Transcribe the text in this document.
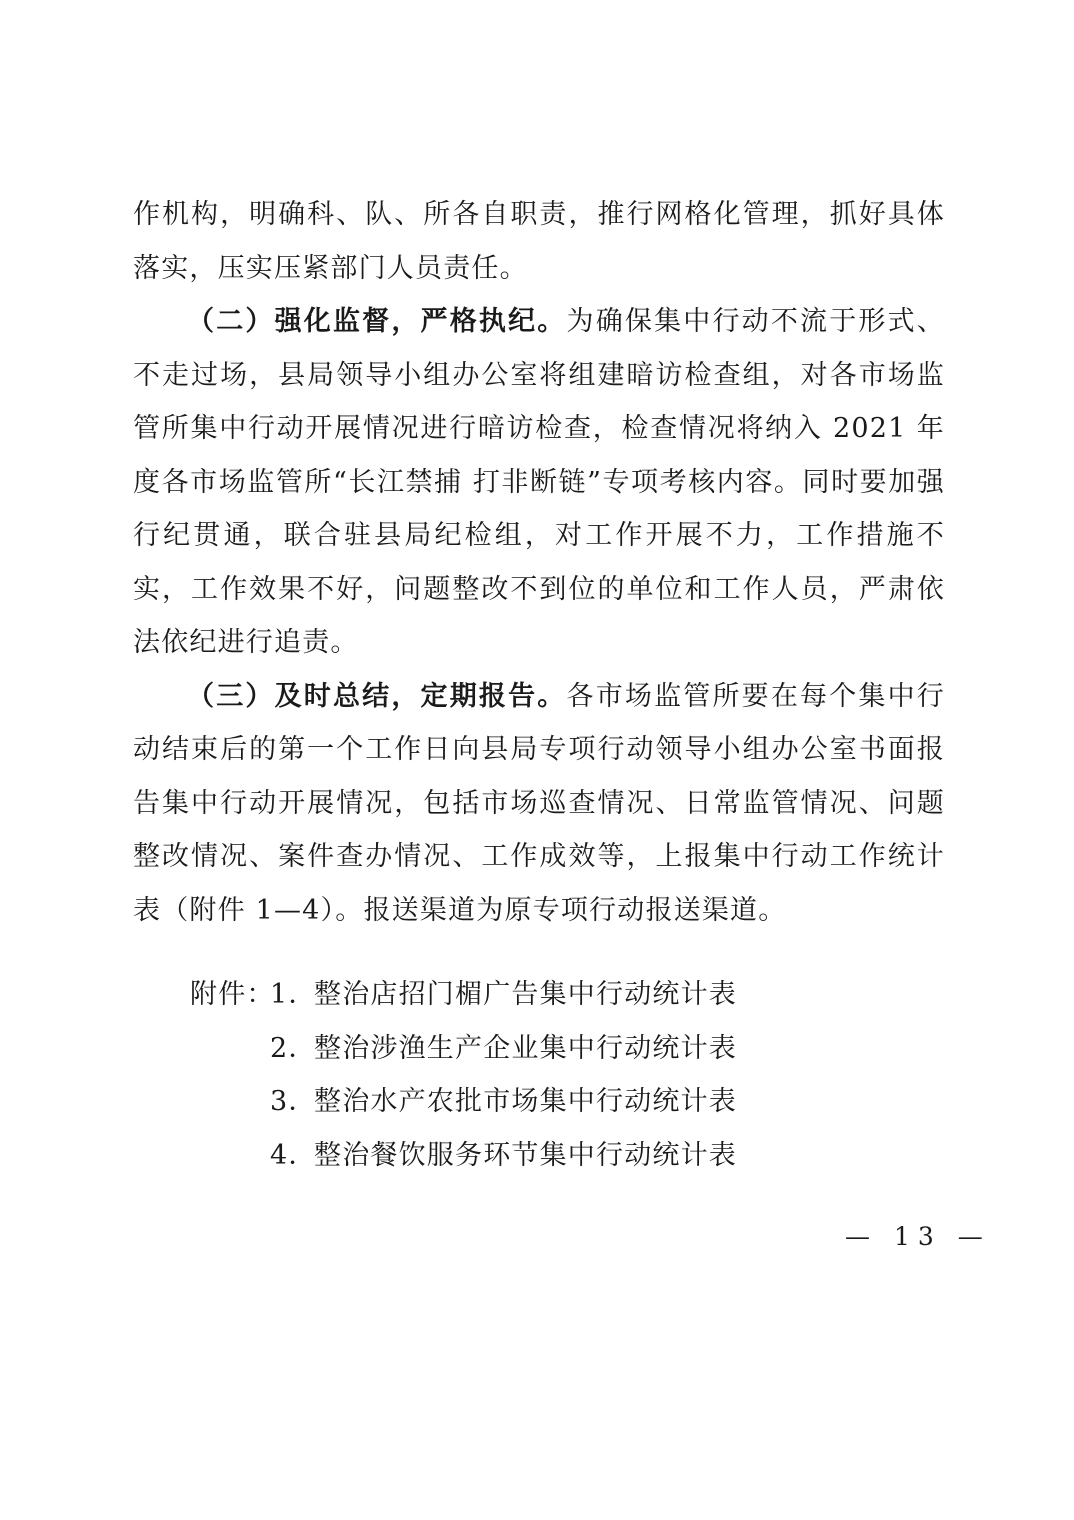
作机构，明确科、队、所各自职责，推行网格化管理，抓好具体落实，压实压紧部门人员责任。

（二）强化监督，严格执纪。为确保集中行动不流于形式、不走过场，县局领导小组办公室将组建暗访检查组，对各市场监管所集中行动开展情况进行暗访检查，检查情况将纳入 2021 年度各市场监管所“长江禁捕 打非断链”专项考核内容。同时要加强行纪贯通，联合驻县局纪检组，对工作开展不力，工作措施不实，工作效果不好，问题整改不到位的单位和工作人员，严肃依法依纪进行追责。

（三）及时总结，定期报告。各市场监管所要在每个集中行动结束后的第一个工作日向县局专项行动领导小组办公室书面报告集中行动开展情况，包括市场巡查情况、日常监管情况、问题整改情况、案件查办情况、工作成效等，上报集中行动工作统计表（附件 1—4）。报送渠道为原专项行动报送渠道。

附件：1．整治店招门楣广告集中行动统计表
2．整治涉渔生产企业集中行动统计表
3．整治水产农批市场集中行动统计表
4．整治餐饮服务环节集中行动统计表
— 13 —
